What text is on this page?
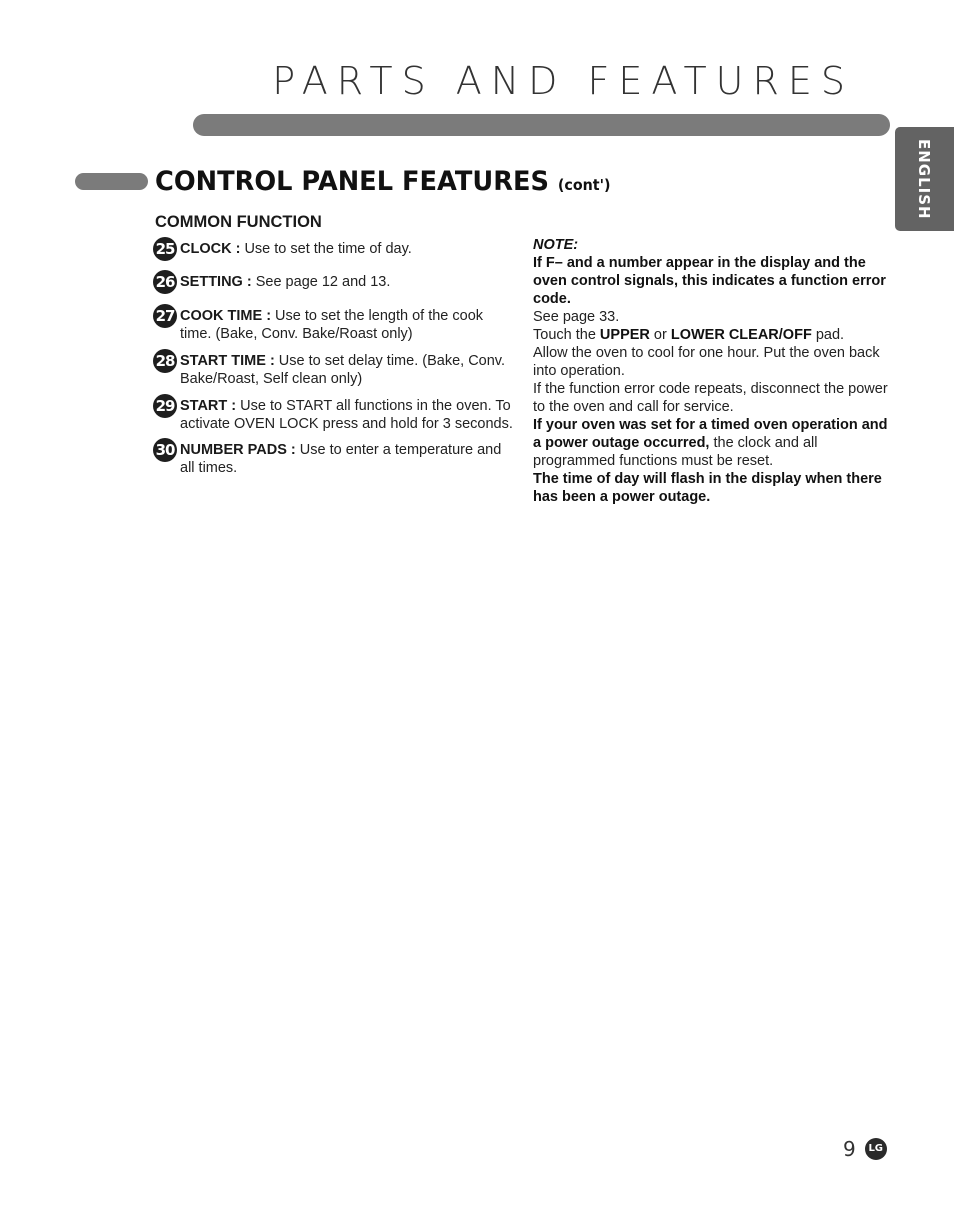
PARTS AND FEATURES
ENGLISH
CONTROL PANEL FEATURES (cont')
COMMON FUNCTION
25 CLOCK : Use to set the time of day.
26 SETTING : See page 12 and 13.
27 COOK TIME : Use to set the length of the cook time. (Bake, Conv. Bake/Roast only)
28 START TIME : Use to set delay time. (Bake, Conv. Bake/Roast, Self clean only)
29 START : Use to START all functions in the oven. To activate OVEN LOCK press and hold for 3 seconds.
30 NUMBER PADS : Use to enter a temperature and all times.

NOTE:

If F– and a number appear in the display and the oven control signals, this indicates a function error code.

See page 33.

Touch the UPPER or LOWER CLEAR/OFF pad.

Allow the oven to cool for one hour. Put the oven back into operation.

If the function error code repeats, disconnect the power to the oven and call for service.

If your oven was set for a timed oven operation and a power outage occurred, the clock and all programmed functions must be reset.

The time of day will flash in the display when there has been a power outage.

9	LG
